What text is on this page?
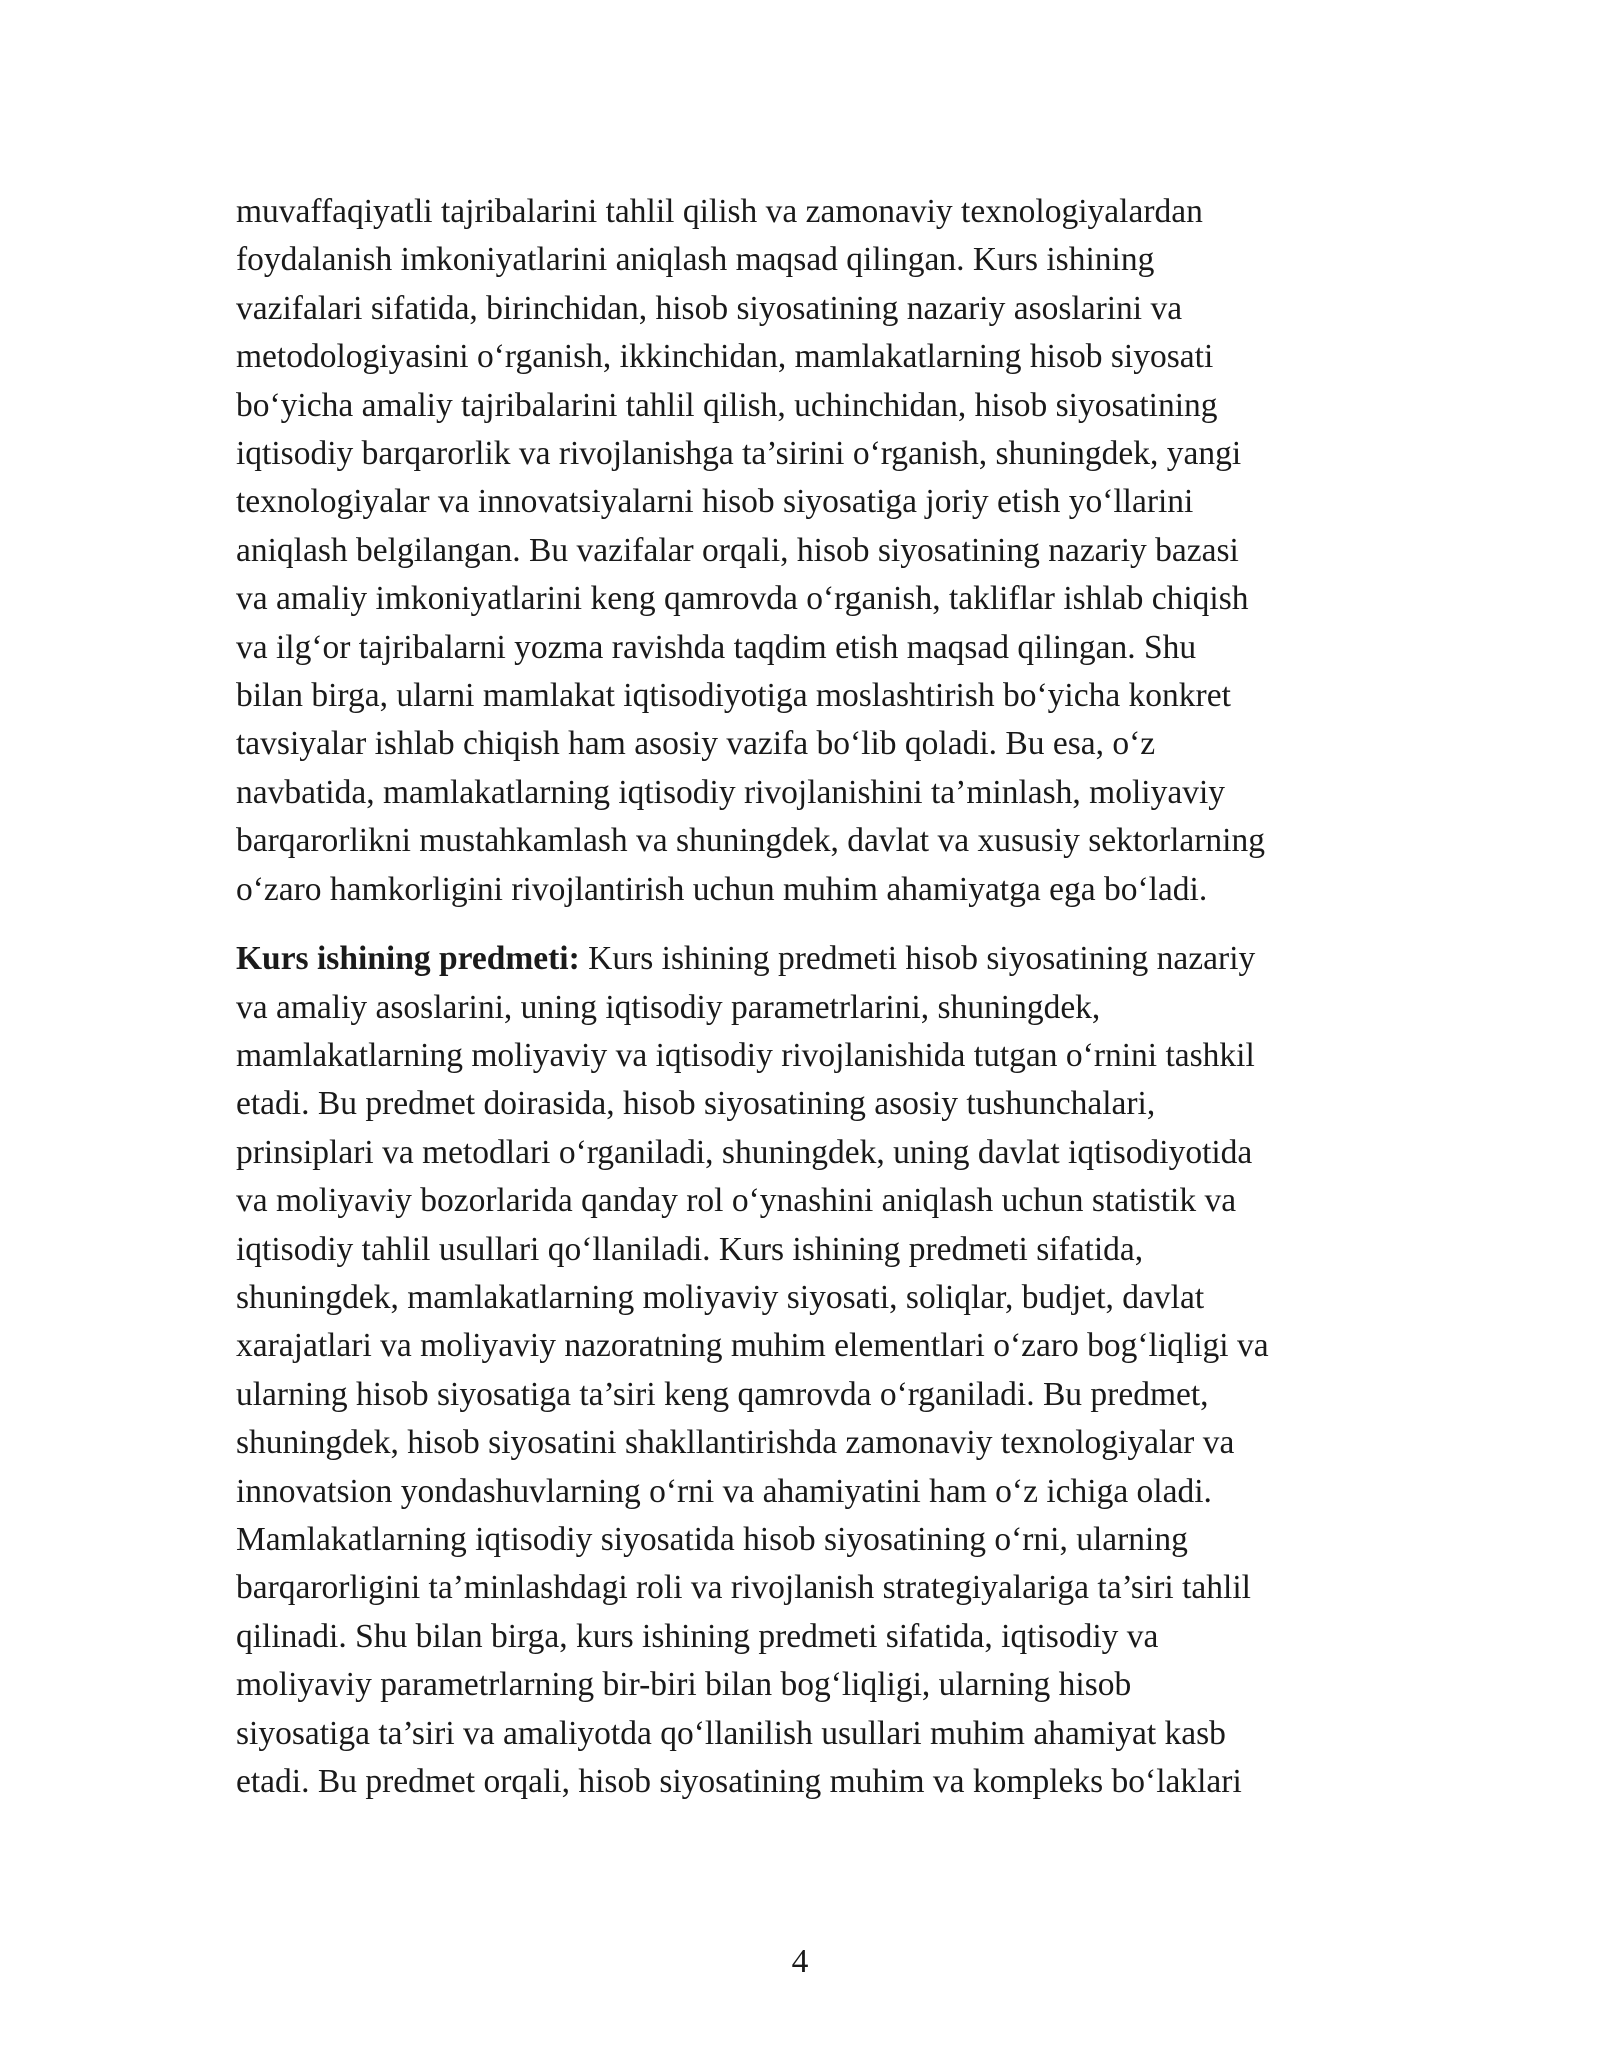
muvaffaqiyatli tajribalarini tahlil qilish va zamonaviy texnologiyalardan
foydalanish imkoniyatlarini aniqlash maqsad qilingan. Kurs ishining
vazifalari sifatida, birinchidan, hisob siyosatining nazariy asoslarini va
metodologiyasini o‘rganish, ikkinchidan, mamlakatlarning hisob siyosati
bo‘yicha amaliy tajribalarini tahlil qilish, uchinchidan, hisob siyosatining
iqtisodiy barqarorlik va rivojlanishga ta’sirini o‘rganish, shuningdek, yangi
texnologiyalar va innovatsiyalarni hisob siyosatiga joriy etish yo‘llarini
aniqlash belgilangan. Bu vazifalar orqali, hisob siyosatining nazariy bazasi
va amaliy imkoniyatlarini keng qamrovda o‘rganish, takliflar ishlab chiqish
va ilg‘or tajribalarni yozma ravishda taqdim etish maqsad qilingan. Shu
bilan birga, ularni mamlakat iqtisodiyotiga moslashtirish bo‘yicha konkret
tavsiyalar ishlab chiqish ham asosiy vazifa bo‘lib qoladi. Bu esa, o‘z
navbatida, mamlakatlarning iqtisodiy rivojlanishini ta’minlash, moliyaviy
barqarorlikni mustahkamlash va shuningdek, davlat va xususiy sektorlarning
o‘zaro hamkorligini rivojlantirish uchun muhim ahamiyatga ega bo‘ladi.
Kurs ishining predmeti: Kurs ishining predmeti hisob siyosatining nazariy
va amaliy asoslarini, uning iqtisodiy parametrlarini, shuningdek,
mamlakatlarning moliyaviy va iqtisodiy rivojlanishida tutgan o‘rnini tashkil
etadi. Bu predmet doirasida, hisob siyosatining asosiy tushunchalari,
prinsiplari va metodlari o‘rganiladi, shuningdek, uning davlat iqtisodiyotida
va moliyaviy bozorlarida qanday rol o‘ynashini aniqlash uchun statistik va
iqtisodiy tahlil usullari qo‘llaniladi. Kurs ishining predmeti sifatida,
shuningdek, mamlakatlarning moliyaviy siyosati, soliqlar, budjet, davlat
xarajatlari va moliyaviy nazoratning muhim elementlari o‘zaro bog‘liqligi va
ularning hisob siyosatiga ta’siri keng qamrovda o‘rganiladi. Bu predmet,
shuningdek, hisob siyosatini shakllantirishda zamonaviy texnologiyalar va
innovatsion yondashuvlarning o‘rni va ahamiyatini ham o‘z ichiga oladi.
Mamlakatlarning iqtisodiy siyosatida hisob siyosatining o‘rni, ularning
barqarorligini ta’minlashdagi roli va rivojlanish strategiyalariga ta’siri tahlil
qilinadi. Shu bilan birga, kurs ishining predmeti sifatida, iqtisodiy va
moliyaviy parametrlarning bir-biri bilan bog‘liqligi, ularning hisob
siyosatiga ta’siri va amaliyotda qo‘llanilish usullari muhim ahamiyat kasb
etadi. Bu predmet orqali, hisob siyosatining muhim va kompleks bo‘laklari
4
